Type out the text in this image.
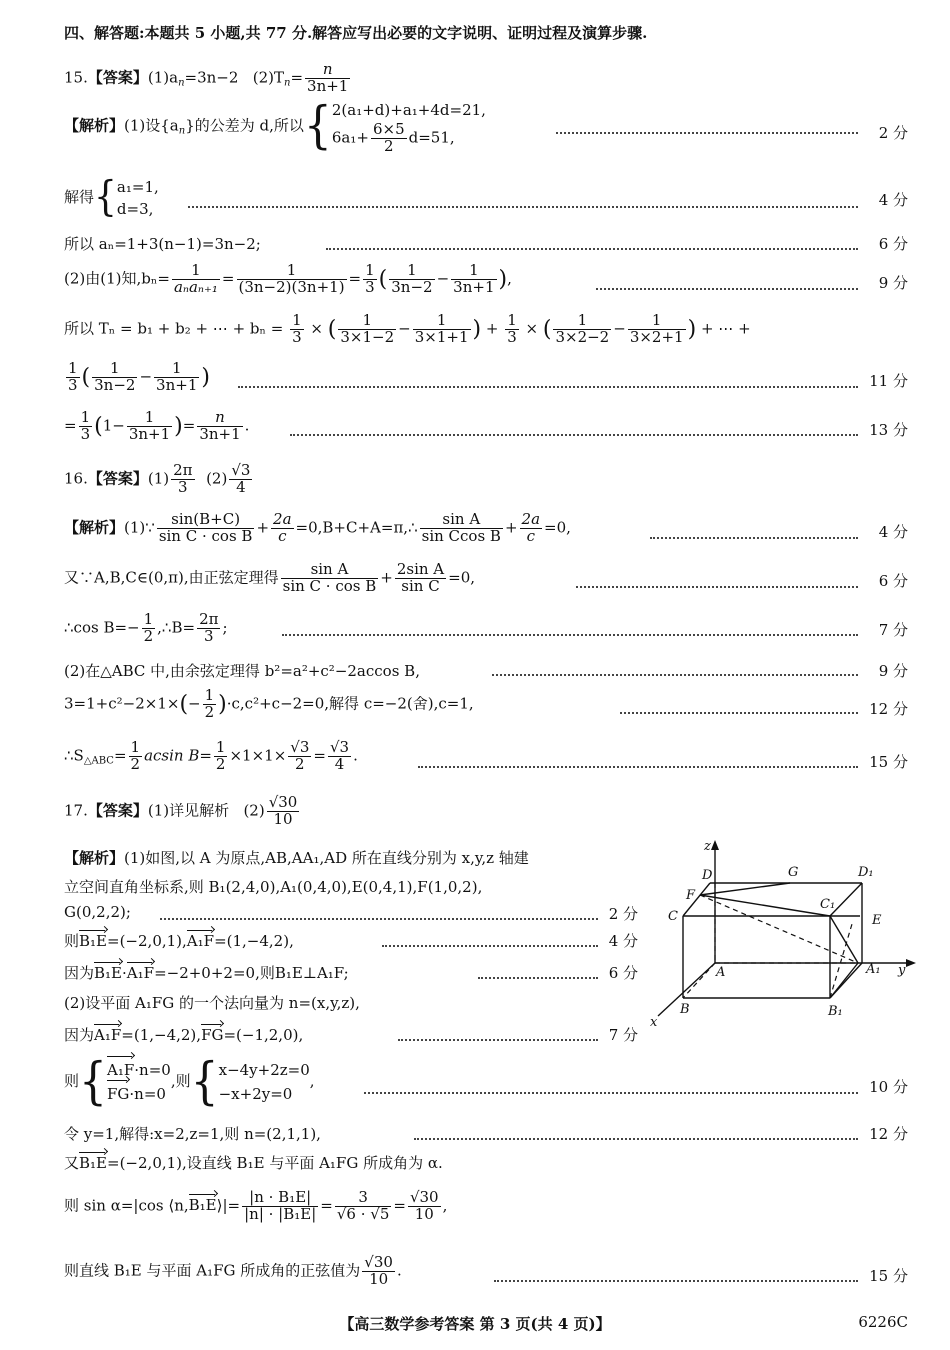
四、解答题:本题共 5 小题,共 77 分.解答应写出必要的文字说明、证明过程及演算步骤.
15.【答案】$(1)a_n=3n-2$ $(2)T_n= \frac{n}{3n+1}$
【解析】(1)设$\{a_n\}$的公差为 d,所以{2(a₁+d)+a₁+4d=21,
$6a_1+ \frac{6\times 5}{2} d=51$,	2 分
解得{a₁=1,
d=3,	4 分
所以 aₙ=1+3(n−1)=3n−2;	6 分
(2)由(1)知$,b_n= \frac{1}{\text{aₙaₙ₊₁}} = \frac{1}{(3n-2)(3n+1)} = \frac{1}{3}$ ( $\frac{1}{3n-2} - \frac{1}{3n+1}$ ),	9 分
所以 Tₙ = b₁ + b₂ + ⋯ + $b_n = \frac{1}{3}$ × ( $\frac{1}{3\times 1-2} - \frac{1}{3\times 1+1}$ ) + $\frac{1}{3}$ × ( $\frac{1}{3\times 2-2} - \frac{1}{3\times 2+1}$ ) + ⋯ +
$\frac{1}{3}$ ( $\frac{1}{3n-2} - \frac{1}{3n+1}$ )	11 分
= $\frac{1}{3} (1- \frac{1}{3n+1}$ )= $\frac{n}{3n+1}$ .	13 分
16.【答案】$(1) \frac{2\pi}{3} (2) \frac{√3}{4}$
【解析】(1)∵ $\frac{\sin(B+C)}{\text{sin C · cos B}} + \frac{2a}{c}$ =0,B+C+A=π,∴ $\frac{\text{sin A}}{\text{sin Ccos B}} + \frac{2a}{c} =0$,	4 分
又∵A,B,C∈(0,π),由正弦定理得 $\frac{\text{sin A}}{\text{sin C · cos B}} + \frac{\text{2sin A}}{\text{sin C}} =0$,	6 分
∴cos $B=- \frac{1}{2}$ ,∴B= $\frac{2\pi}{3}$ ;	7 分
(2)在△ABC 中,由余弦定理得 b²=a²+c²−2accos B,	9 分
$3=1+c^2-2\times 1\times(- \frac{1}{2} )\cdot c,c^2+c-2=0$,解得 c=−2(舍),c=1,	12 分
$\therefore S_{\triangle ABC}= \frac{1}{2}$ acsin $B= \frac{1}{2} \times 1\times 1\times \frac{√3}{2} = \frac{√3}{4}$ .	15 分
17.【答案】(1)详见解析 $(2) \frac{√30}{10}$
【解析】(1)如图,以 A 为原点,AB,AA₁,AD 所在直线分别为 x,y,z 轴建
立空间直角坐标系,则 B₁(2,4,0),A₁(0,4,0),E(0,4,1),F(1,0,2),
G(0,2,2);	2 分
则B₁E=(−2,0,1),A₁F=(1,−4,2),	4 分
因为B₁E·A₁F=−2+0+2=0,则B₁E⊥A₁F;	6 分
(2)设平面 A₁FG 的一个法向量为 n=(x,y,z),
因为A₁F=(1,−4,2),FG=(−1,2,0),	7 分
则{A₁F·n=0
FG·n=0,则{x−4y+2z=0
−x+2y=0,	10 分
令 y=1,解得:x=2,z=1,则 n=(2,1,1),	12 分
又B₁E=(−2,0,1),设直线 B₁E 与平面 A₁FG 所成角为 α.
则 sin α=|cos ⟨n,B₁E⟩|= $\frac{\text{|n · B₁E|}}{\text{|n| · |B₁E|}} = \frac{3}{√6 \cdot √5} = \frac{√30}{10}$ ,
则直线 B₁E 与平面 A₁FG 所成角的正弦值为 $\frac{√30}{10}$ .	15 分
z
D	G	D₁
F
C
C₁
E
A	A₁ y
x
B	B₁
【高三数学参考答案 第 3 页(共 4 页)】	6226C
